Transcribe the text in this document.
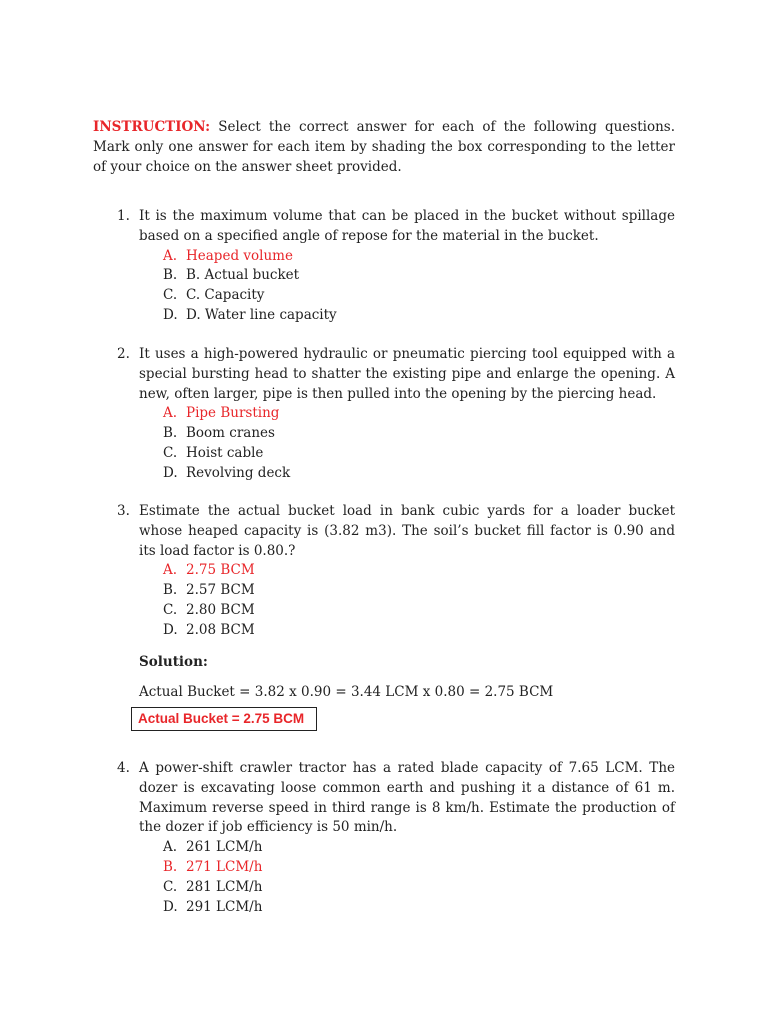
INSTRUCTION: Select the correct answer for each of the following questions. Mark only one answer for each item by shading the box corresponding to the letter of your choice on the answer sheet provided.
1. It is the maximum volume that can be placed in the bucket without spillage based on a specified angle of repose for the material in the bucket.
A. Heaped volume
B. B. Actual bucket
C. C. Capacity
D. D. Water line capacity
2. It uses a high-powered hydraulic or pneumatic piercing tool equipped with a special bursting head to shatter the existing pipe and enlarge the opening. A new, often larger, pipe is then pulled into the opening by the piercing head.
A. Pipe Bursting
B. Boom cranes
C. Hoist cable
D. Revolving deck
3. Estimate the actual bucket load in bank cubic yards for a loader bucket whose heaped capacity is (3.82 m3). The soil’s bucket fill factor is 0.90 and its load factor is 0.80.?
A. 2.75 BCM
B. 2.57 BCM
C. 2.80 BCM
D. 2.08 BCM
Solution:
Actual Bucket = 3.82 x 0.90 = 3.44 LCM x 0.80 = 2.75 BCM
Actual Bucket = 2.75 BCM
4. A power-shift crawler tractor has a rated blade capacity of 7.65 LCM. The dozer is excavating loose common earth and pushing it a distance of 61 m. Maximum reverse speed in third range is 8 km/h. Estimate the production of the dozer if job efficiency is 50 min/h.
A. 261 LCM/h
B. 271 LCM/h
C. 281 LCM/h
D. 291 LCM/h
